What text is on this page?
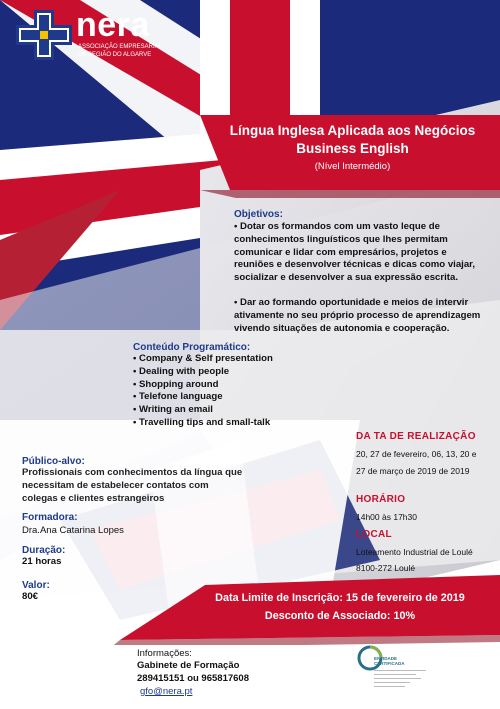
nera
ASSOCIAÇÃO EMPRESARIAL
DA REGIÃO DO ALGARVE
Língua Inglesa Aplicada aos Negócios
Business English
(Nível Intermédio)
Objetivos:
• Dotar os formandos com um vasto leque de
conhecimentos linguísticos que lhes permitam
comunicar e lidar com empresários, projetos e
reuniões e desenvolver técnicas e dicas como viajar,
socializar e desenvolver a sua expressão escrita.
• Dar ao formando oportunidade e meios de intervir
ativamente no seu próprio processo de aprendizagem
vivendo situações de autonomia e cooperação.
Conteúdo Programático:
• Company & Self presentation
• Dealing with people
• Shopping around
• Telefone language
• Writing an email
• Travelling tips and small-talk
DA TA DE REALIZAÇÃO
20, 27 de fevereiro, 06, 13, 20 e
27 de março de 2019 de 2019
HORÁRIO
14h00 às 17h30
LOCAL
Loteamento Industrial de Loulé
8100-272 Loulé
Público-alvo:
Profissionais com conhecimentos da língua que
necessitam de estabelecer contatos com
colegas e clientes estrangeiros
Formadora:
Dra.Ana Catarina Lopes
Duração:
21 horas
Valor:
80€	Data Limite de Inscrição: 15 de fevereiro de 2019
Desconto de Associado: 10%
Informações:
Gabinete de Formação
289415151 ou 965817608
gfo@nera.pt
ENTIDADE CERTIFICADA
